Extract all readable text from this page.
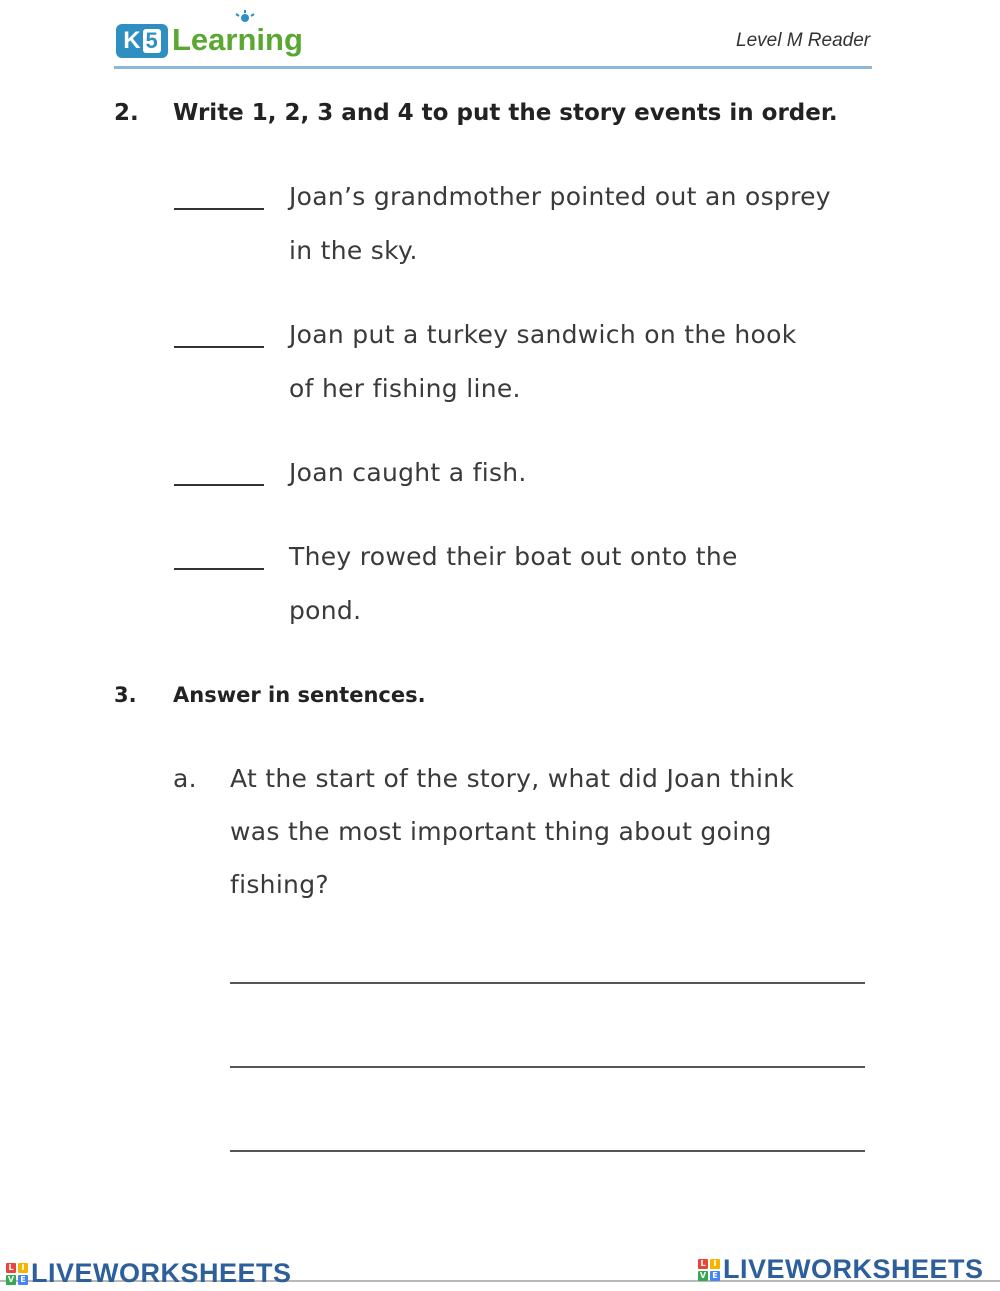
K 5 Learning	Level M Reader
2. Write 1, 2, 3 and 4 to put the story events in order.
Joan’s grandmother pointed out an osprey
in the sky.
Joan put a turkey sandwich on the hook
of her fishing line.
Joan caught a fish.
They rowed their boat out onto the
pond.
3. Answer in sentences.
a. At the start of the story, what did Joan think
was the most important thing about going
fishing?
L I
V E LIVEWORKSHEETS	L I
V E LIVEWORKSHEETS
